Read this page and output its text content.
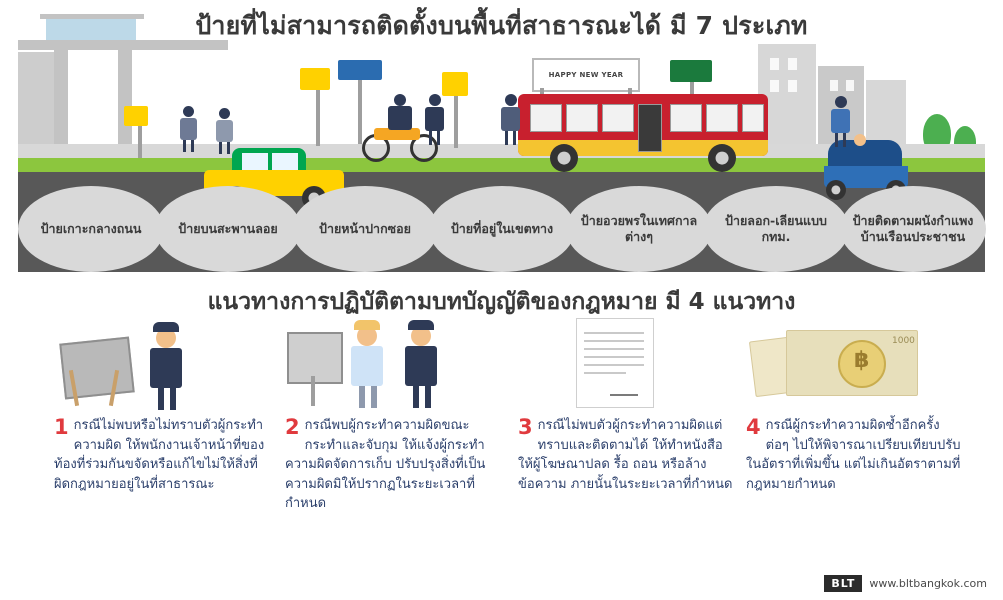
HAPPY NEW YEAR
ป้ายที่ไม่สามารถติดตั้งบนพื้นที่สาธารณะได้ มี 7 ประเภท
ป้ายเกาะกลางถนน	ป้ายบนสะพานลอย	ป้ายหน้าปากซอย	ป้ายที่อยู่ในเขตทาง
ป้ายอวยพรในเทศกาลต่างๆ
ป้ายลอก-เลียนแบบ กทม.
ป้ายติดตามผนังกำแพง บ้านเรือนประชาชน
แนวทางการปฏิบัติตามบทบัญญัติของกฎหมาย มี 4 แนวทาง
1 กรณีไม่พบหรือไม่ทราบตัวผู้กระทำความผิด ให้พนักงานเจ้าหน้าที่ของท้องที่ร่วมกันขจัดหรือแก้ไขไม่ให้สิ่งที่ผิดกฎหมายอยู่ในที่สาธารณะ
2 กรณีพบผู้กระทำความผิดขณะกระทำและจับกุม ให้แจ้งผู้กระทำความผิดจัดการเก็บ ปรับปรุงสิ่งที่เป็นความผิดมิให้ปรากฏในระยะเวลาที่กำหนด
3 กรณีไม่พบตัวผู้กระทำความผิดแต่ทราบและติดตามได้ ให้ทำหนังสือให้ผู้โฆษณาปลด รื้อ ถอน หรือล้างข้อความ ภายนั้นในระยะเวลาที่กำหนด
฿
1000
4 กรณีผู้กระทำความผิดซ้ำอีกครั้ง ต่อๆ ไปให้พิจารณาเปรียบเทียบปรับในอัตราที่เพิ่มขึ้น แต่ไม่เกินอัตราตามที่กฎหมายกำหนด
BLT	www.bltbangkok.com
